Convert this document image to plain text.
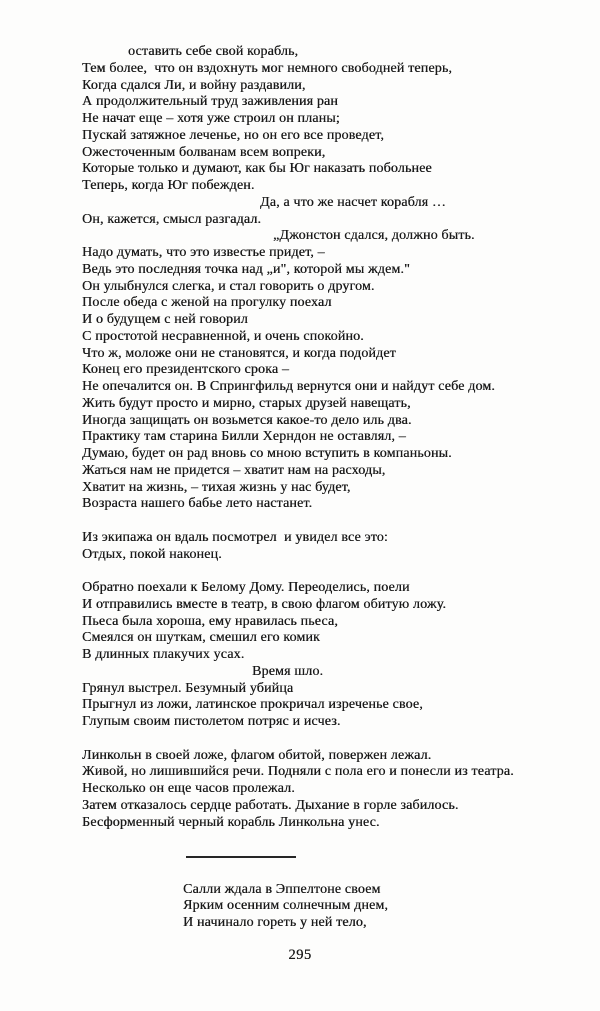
оставить себе свой корабль,
Тем более,  что он вздохнуть мог немного свободней теперь,
Когда сдался Ли, и войну раздавили,
А продолжительный труд заживления ран
Не начат еще – хотя уже строил он планы;
Пускай затяжное леченье, но он его все проведет,
Ожесточенным болванам всем вопреки,
Которые только и думают, как бы Юг наказать побольнее
Теперь, когда Юг побежден.
Да, а что же насчет корабля …
Он, кажется, смысл разгадал.
„Джонстон сдался, должно быть.
Надо думать, что это известье придет, –
Ведь это последняя точка над „и", которой мы ждем."
Он улыбнулся слегка, и стал говорить о другом.
После обеда с женой на прогулку поехал
И о будущем с ней говорил
С простотой несравненной, и очень спокойно.
Что ж, моложе они не становятся, и когда подойдет
Конец его президентского срока –
Не опечалится он. В Спрингфильд вернутся они и найдут себе дом.
Жить будут просто и мирно, старых друзей навещать,
Иногда защищать он возьмется какое-то дело иль два.
Практику там старина Билли Херндон не оставлял, –
Думаю, будет он рад вновь со мною вступить в компаньоны.
Жаться нам не придется – хватит нам на расходы,
Хватит на жизнь, – тихая жизнь у нас будет,
Возраста нашего бабье лето настанет.
Из экипажа он вдаль посмотрел  и увидел все это:
Отдых, покой наконец.
Обратно поехали к Белому Дому. Переоделись, поели
И отправились вместе в театр, в свою флагом обитую ложу.
Пьеса была хороша, ему нравилась пьеса,
Смеялся он шуткам, смешил его комик
В длинных плакучих усах.
Время шло.
Грянул выстрел. Безумный убийца
Прыгнул из ложи, латинское прокричал изреченье свое,
Глупым своим пистолетом потряс и исчез.
Линкольн в своей ложе, флагом обитой, повержен лежал.
Живой, но лишившийся речи. Подняли с пола его и понесли из театра.
Несколько он еще часов пролежал.
Затем отказалось сердце работать. Дыхание в горле забилось.
Бесформенный черный корабль Линкольна унес.
Салли ждала в Эппелтоне своем
Ярким осенним солнечным днем,
И начинало гореть у ней тело,
295
